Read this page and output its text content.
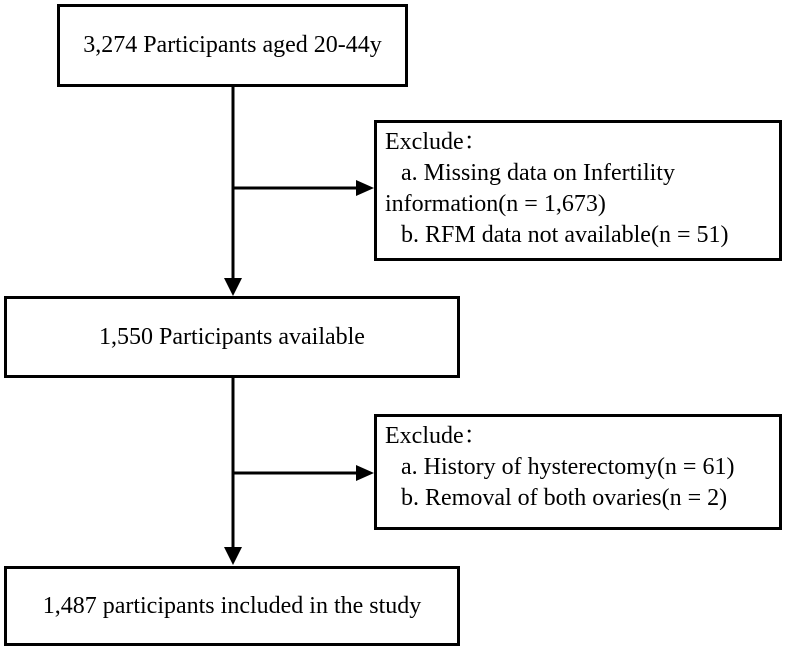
3,274 Participants aged 20-44y
Exclude：
a. Missing data on Infertility
information(n = 1,673)
b. RFM data not available(n = 51)
1,550 Participants available
Exclude：
a. History of hysterectomy(n = 61)
b. Removal of both ovaries(n = 2)
1,487 participants included in the study
